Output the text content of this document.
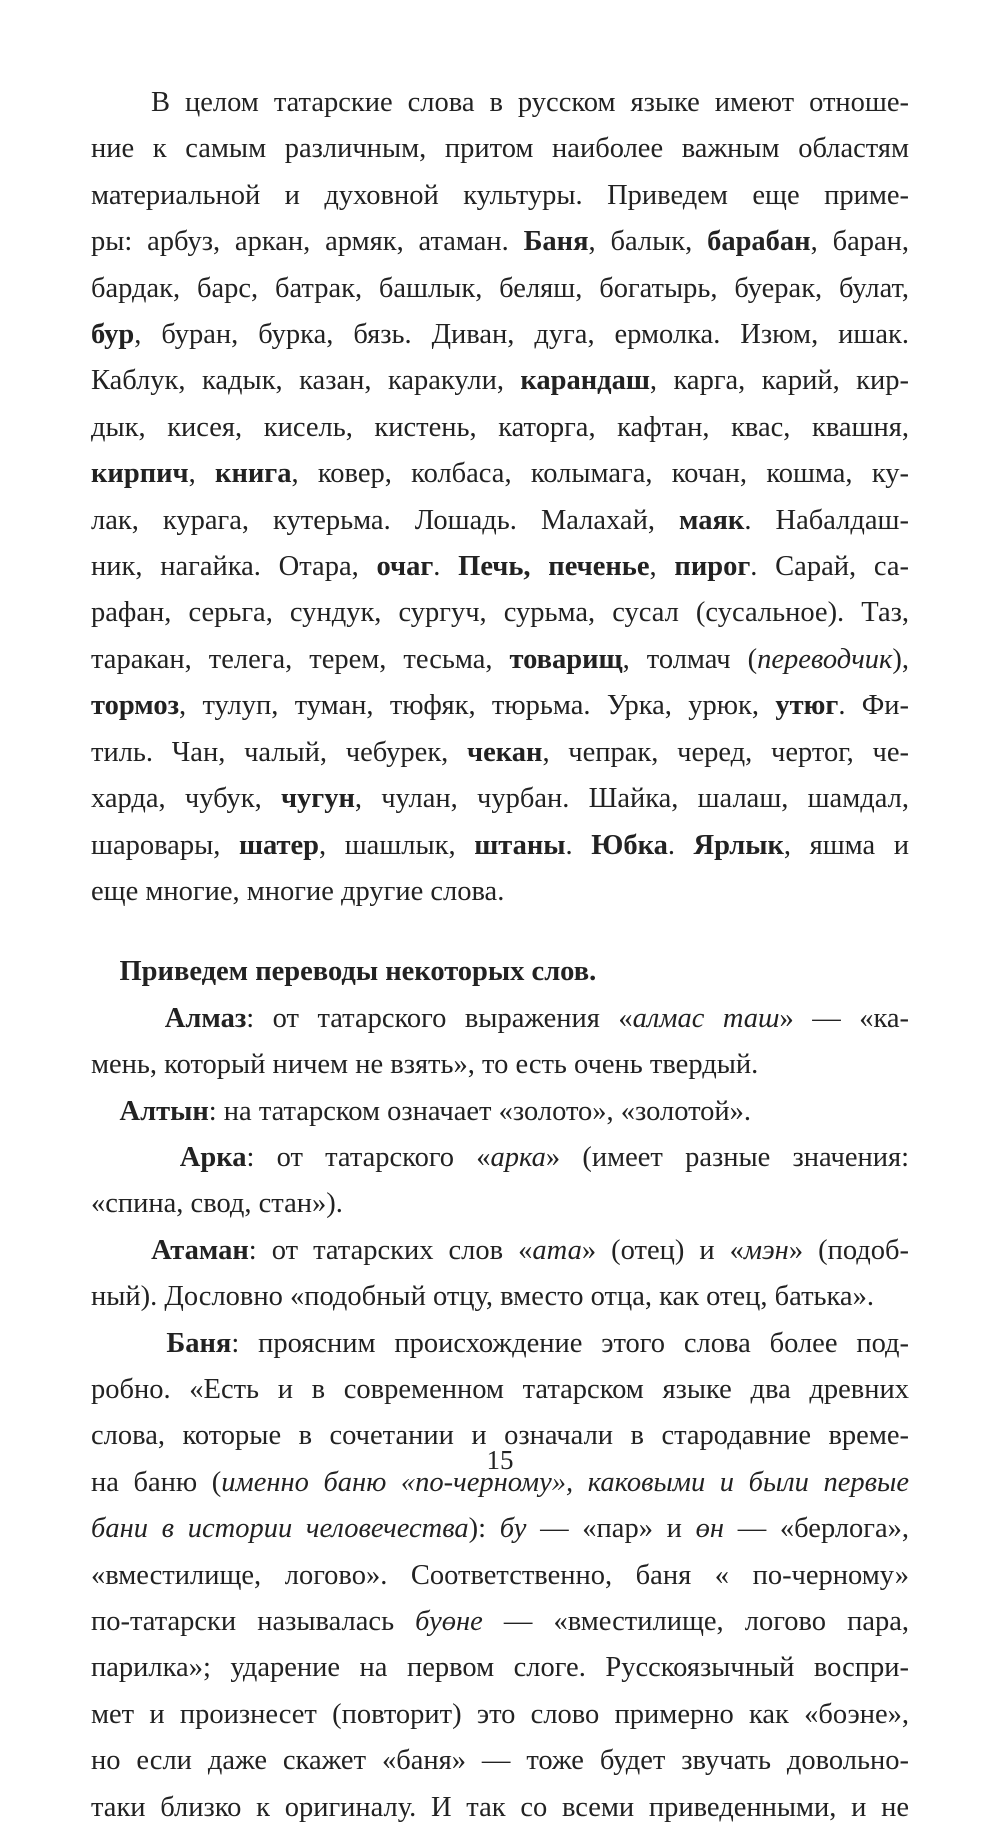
В целом татарские слова в русском языке имеют отноше-
ние к самым различным, притом наиболее важным областям
материальной и духовной культуры. Приведем еще приме-
ры: арбуз, аркан, армяк, атаман. Баня, балык, барабан, баран,
бардак, барс, батрак, башлык, беляш, богатырь, буерак, булат,
бур, буран, бурка, бязь. Диван, дуга, ермолка. Изюм, ишак.
Каблук, кадык, казан, каракули, карандаш, карга, карий, кир-
дык, кисея, кисель, кистень, каторга, кафтан, квас, квашня,
кирпич, книга, ковер, колбаса, колымага, кочан, кошма, ку-
лак, курага, кутерьма. Лошадь. Малахай, маяк. Набалдаш-
ник, нагайка. Отара, очаг. Печь, печенье, пирог. Сарай, са-
рафан, серьга, сундук, сургуч, сурьма, сусал (сусальное). Таз,
таракан, телега, терем, тесьма, товарищ, толмач (переводчик),
тормоз, тулуп, туман, тюфяк, тюрьма. Урка, урюк, утюг. Фи-
тиль. Чан, чалый, чебурек, чекан, чепрак, черед, чертог, че-
харда, чубук, чугун, чулан, чурбан. Шайка, шалаш, шамдал,
шаровары, шатер, шашлык, штаны. Юбка. Ярлык, яшма и
еще многие, многие другие слова.
Приведем переводы некоторых слов.
Алмаз: от татарского выражения «алмас таш» — «ка-
мень, который ничем не взять», то есть очень твердый.
Алтын: на татарском означает «золото», «золотой».
Арка: от татарского «арка» (имеет разные значения:
«спина, свод, стан»).
Атаман: от татарских слов «ата» (отец) и «мэн» (подоб-
ный). Дословно «подобный отцу, вместо отца, как отец, батька».
Баня: проясним происхождение этого слова более под-
робно. «Есть и в современном татарском языке два древних
слова, которые в сочетании и означали в стародавние време-
на баню (именно баню «по-черному», каковыми и были первые
бани в истории человечества): бу — «пар» и өн — «берлога»,
«вместилище, логово». Соответственно, баня « по-черному»
по-татарски называлась буөне — «вместилище, логово пара,
парилка»; ударение на первом слоге. Русскоязычный воспри-
мет и произнесет (повторит) это слово примерно как «боэне»,
но если даже скажет «баня» — тоже будет звучать довольно-
таки близко к оригиналу. И так со всеми приведенными, и не
15
